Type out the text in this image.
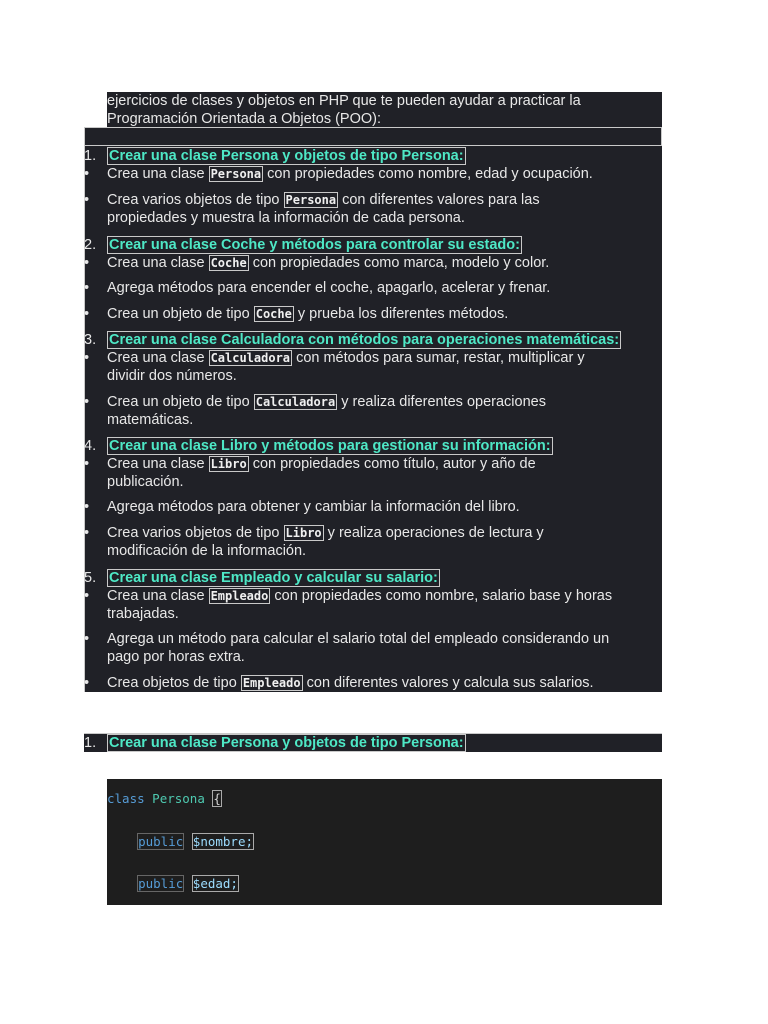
ejercicios de clases y objetos en PHP que te pueden ayudar a practicar la
Programación Orientada a Objetos (POO):
1. Crear una clase Persona y objetos de tipo Persona:
•	Crea una clase Persona con propiedades como nombre, edad y ocupación.
•	Crea varios objetos de tipo Persona con diferentes valores para las
propiedades y muestra la información de cada persona.
2. Crear una clase Coche y métodos para controlar su estado:
•	Crea una clase Coche con propiedades como marca, modelo y color.
•	Agrega métodos para encender el coche, apagarlo, acelerar y frenar.
•	Crea un objeto de tipo Coche y prueba los diferentes métodos.
3. Crear una clase Calculadora con métodos para operaciones matemáticas:
•	Crea una clase Calculadora con métodos para sumar, restar, multiplicar y
dividir dos números.
•	Crea un objeto de tipo Calculadora y realiza diferentes operaciones
matemáticas.
4. Crear una clase Libro y métodos para gestionar su información:
•	Crea una clase Libro con propiedades como título, autor y año de
publicación.
•	Agrega métodos para obtener y cambiar la información del libro.
•	Crea varios objetos de tipo Libro y realiza operaciones de lectura y
modificación de la información.
5. Crear una clase Empleado y calcular su salario:
•	Crea una clase Empleado con propiedades como nombre, salario base y horas
trabajadas.
•	Agrega un método para calcular el salario total del empleado considerando un
pago por horas extra.
•	Crea objetos de tipo Empleado con diferentes valores y calcula sus salarios.
1. Crear una clase Persona y objetos de tipo Persona:
class Persona {
public $nombre;
public $edad;
